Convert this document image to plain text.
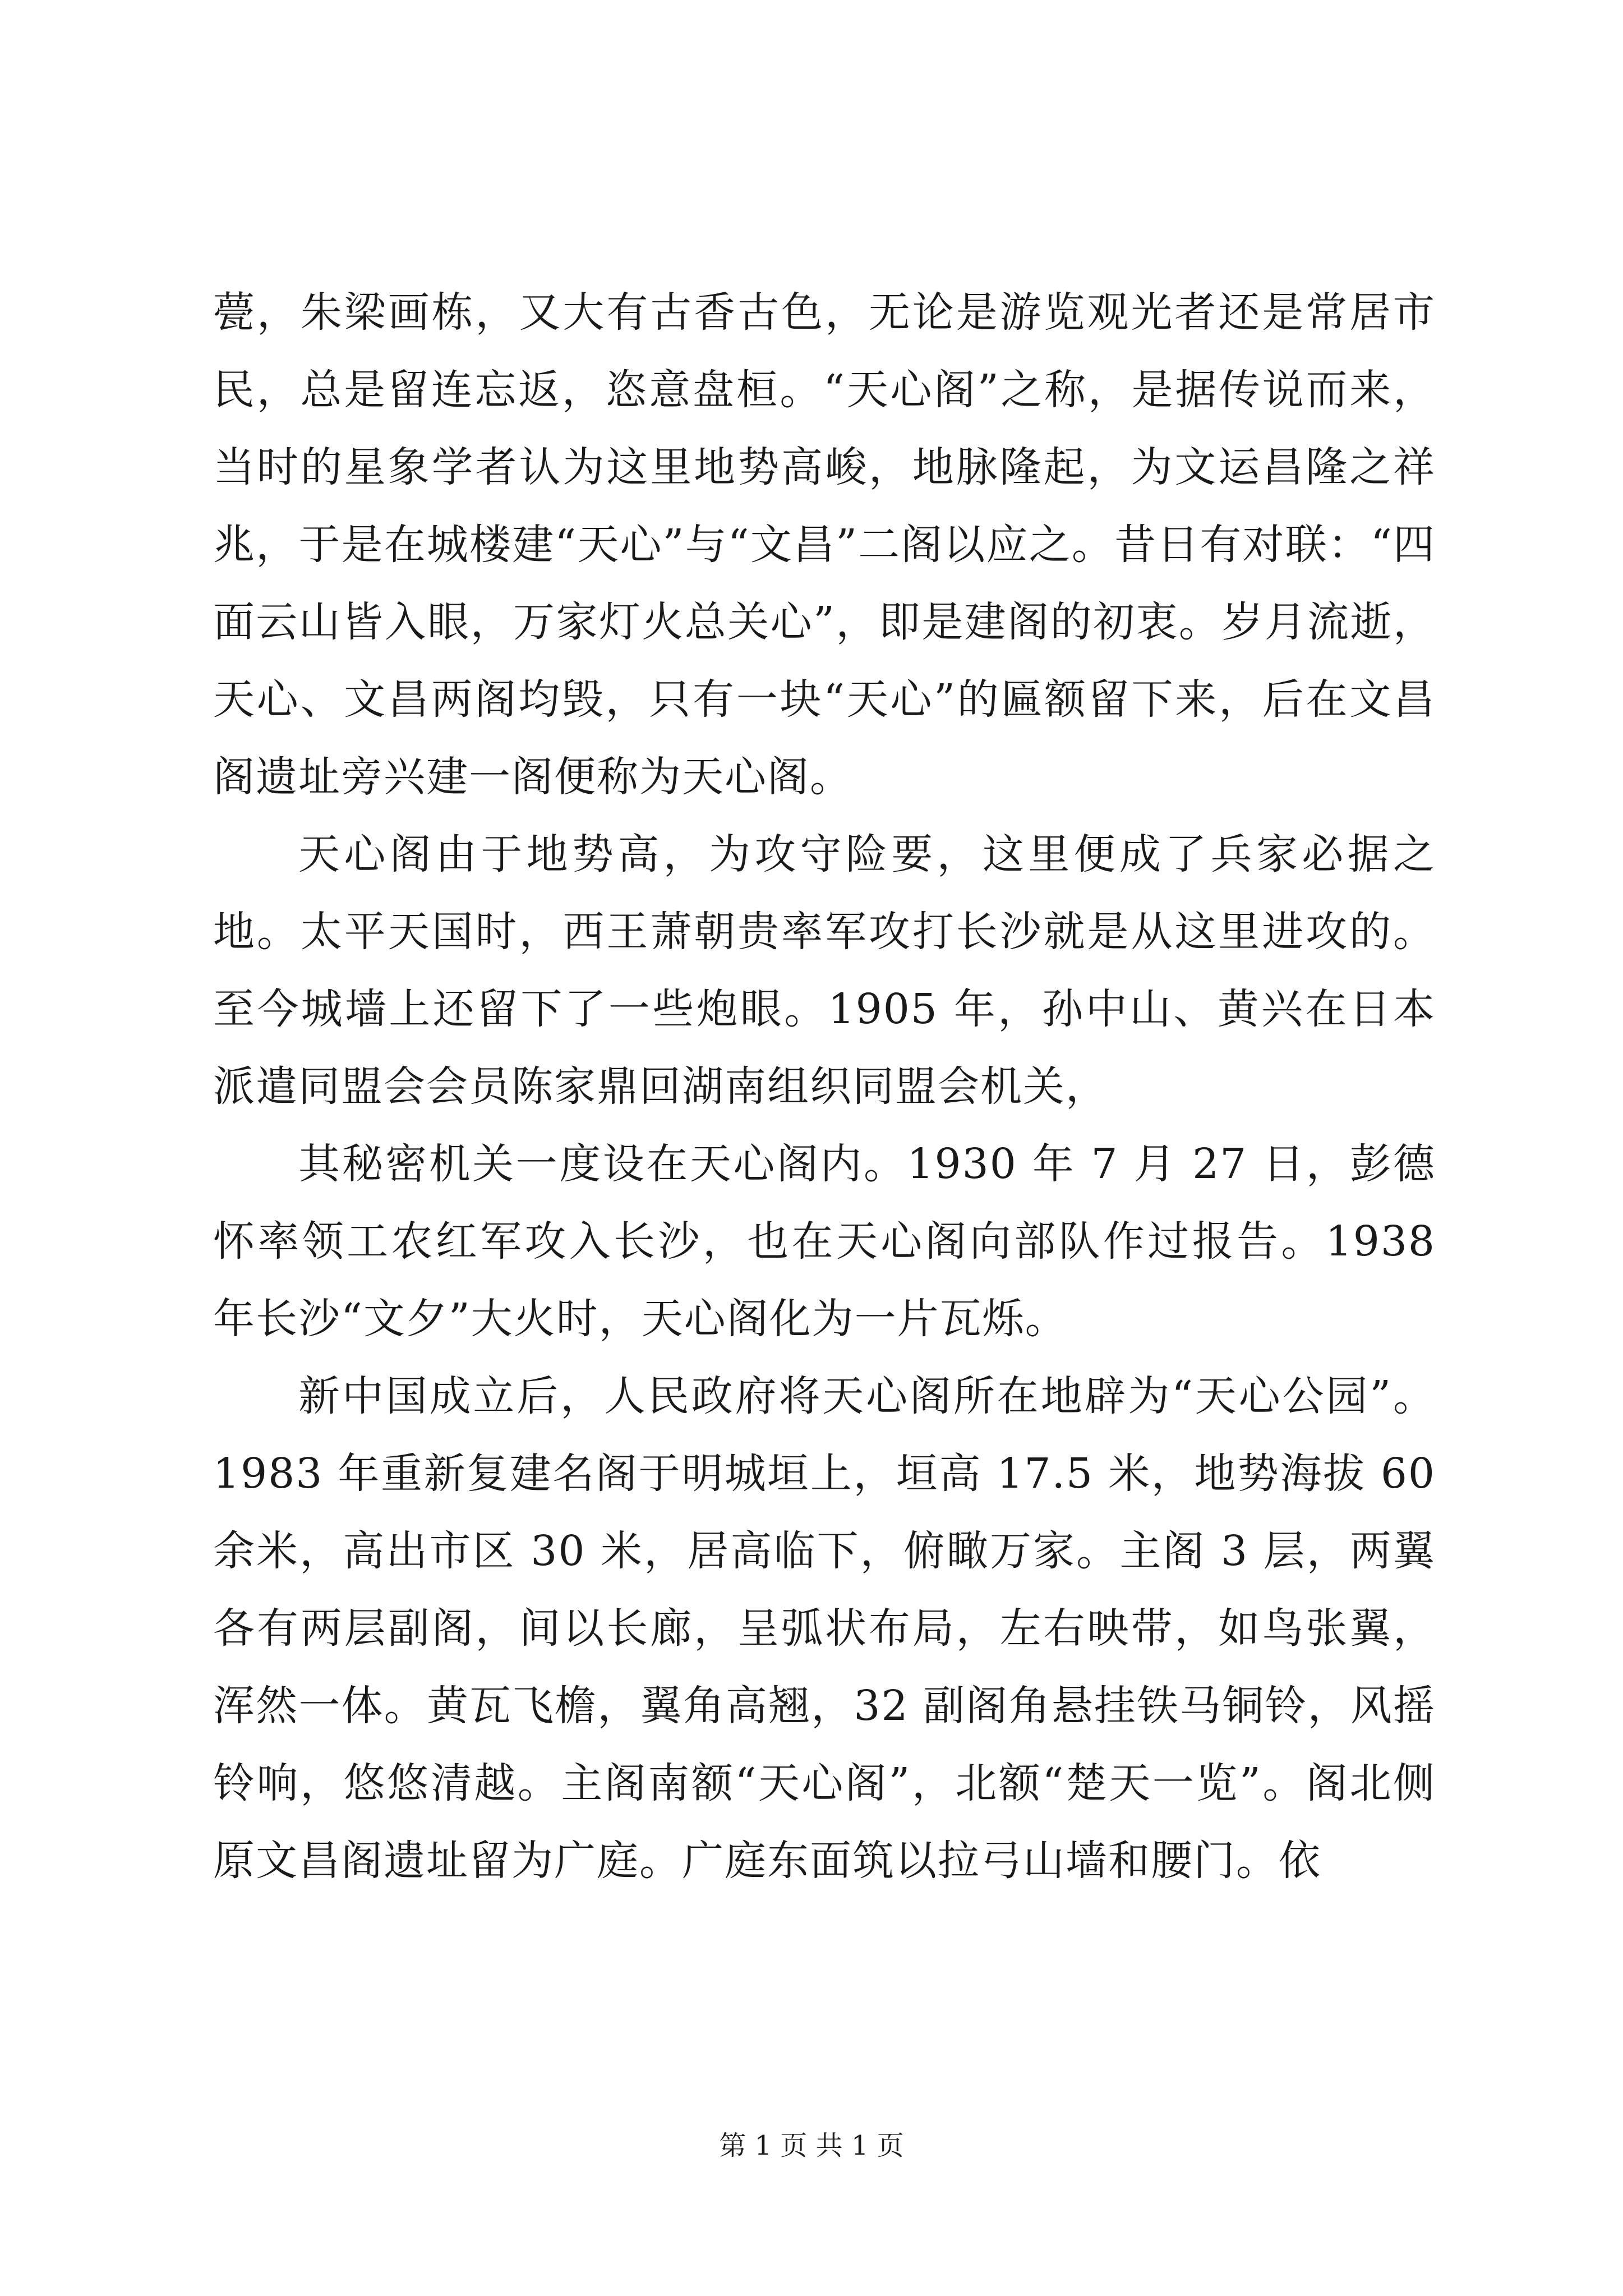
甍，朱梁画栋，又大有古香古色，无论是游览观光者还是常居市民，总是留连忘返，恣意盘桓。“天心阁”之称，是据传说而来，当时的星象学者认为这里地势高峻，地脉隆起，为文运昌隆之祥兆，于是在城楼建“天心”与“文昌”二阁以应之。昔日有对联：“四面云山皆入眼，万家灯火总关心”，即是建阁的初衷。岁月流逝，天心、文昌两阁均毁，只有一块“天心”的匾额留下来，后在文昌阁遗址旁兴建一阁便称为天心阁。

天心阁由于地势高，为攻守险要，这里便成了兵家必据之地。太平天国时，西王萧朝贵率军攻打长沙就是从这里进攻的。至今城墙上还留下了一些炮眼。1905 年，孙中山、黄兴在日本派遣同盟会会员陈家鼎回湖南组织同盟会机关，

其秘密机关一度设在天心阁内。1930 年 7 月 27 日，彭德怀率领工农红军攻入长沙，也在天心阁向部队作过报告。1938 年长沙“文夕”大火时，天心阁化为一片瓦烁。

新中国成立后，人民政府将天心阁所在地辟为“天心公园”。1983 年重新复建名阁于明城垣上，垣高 17.5 米，地势海拔 60 余米，高出市区 30 米，居高临下，俯瞰万家。主阁 3 层，两翼各有两层副阁，间以长廊，呈弧状布局，左右映带，如鸟张翼，浑然一体。黄瓦飞檐，翼角高翘，32 副阁角悬挂铁马铜铃，风摇铃响，悠悠清越。主阁南额“天心阁”，北额“楚天一览”。阁北侧原文昌阁遗址留为广庭。广庭东面筑以拉弓山墙和腰门。依

第 1 页 共 1 页
